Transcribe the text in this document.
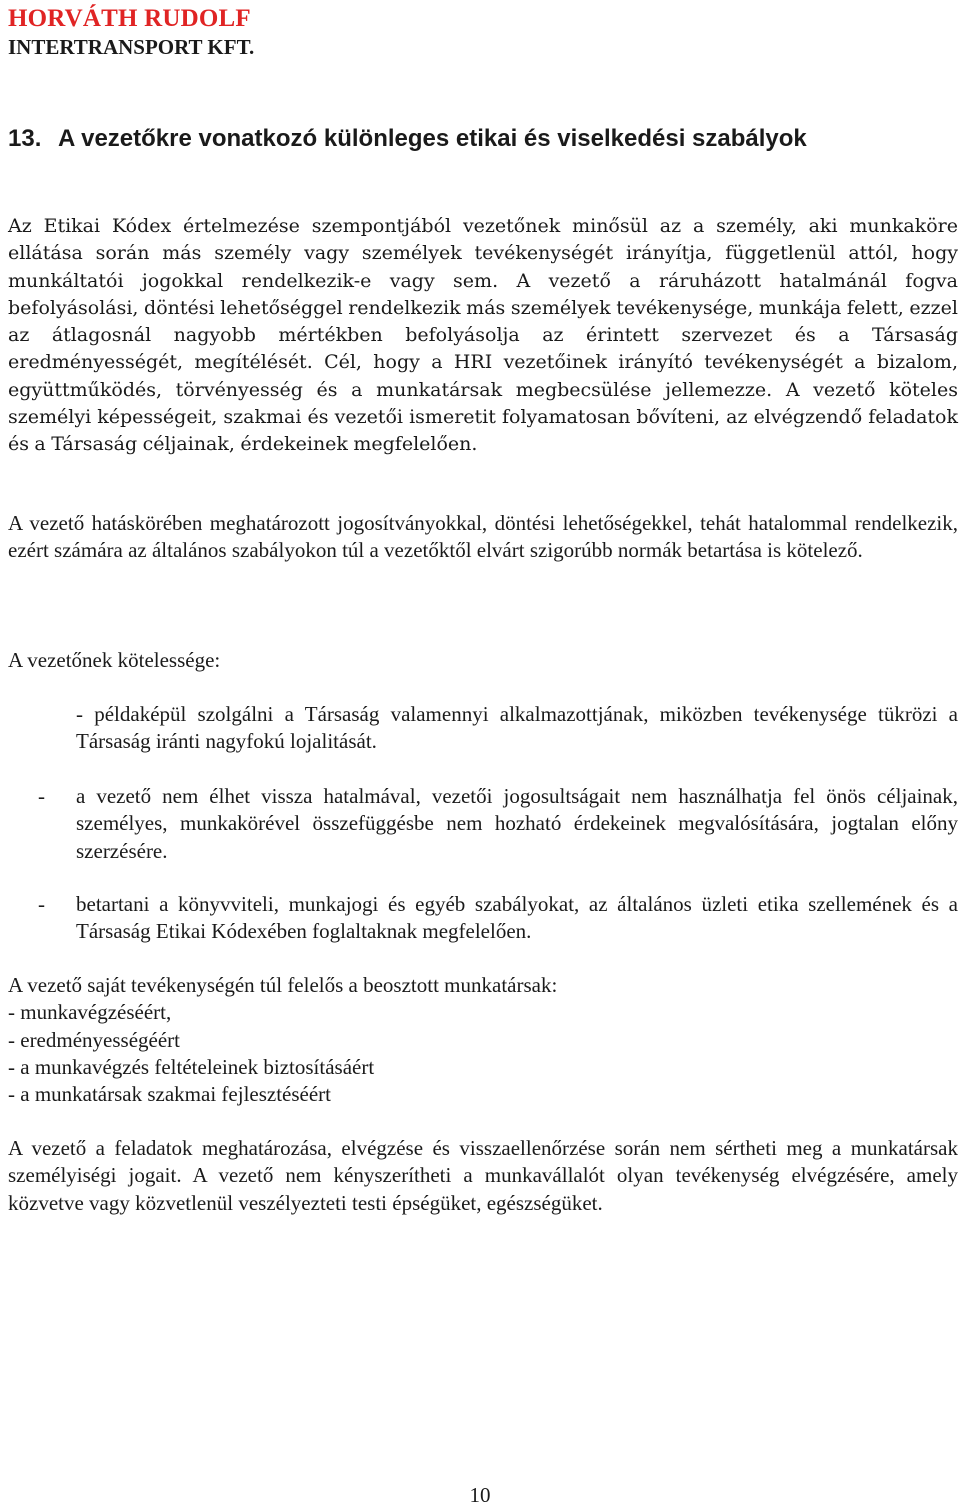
HORVÁTH RUDOLF
INTERTRANSPORT KFT.
13. A vezetőkre vonatkozó különleges etikai és viselkedési szabályok

Az Etikai Kódex értelmezése szempontjából vezetőnek minősül az a személy, aki munkaköre ellátása során más személy vagy személyek tevékenységét irányítja, függetlenül attól, hogy munkáltatói jogokkal rendelkezik-e vagy sem. A vezető a ráruházott hatalmánál fogva befolyásolási, döntési lehetőséggel rendelkezik más személyek tevékenysége, munkája felett, ezzel az átlagosnál nagyobb mértékben befolyásolja az érintett szervezet és a Társaság eredményességét, megítélését. Cél, hogy a HRI vezetőinek irányító tevékenységét a bizalom, együttműködés, törvényesség és a munkatársak megbecsülése jellemezze. A vezető köteles személyi képességeit, szakmai és vezetői ismeretit folyamatosan bővíteni, az elvégzendő feladatok és a Társaság céljainak, érdekeinek megfelelően.

A vezető hatáskörében meghatározott jogosítványokkal, döntési lehetőségekkel, tehát hatalommal rendelkezik, ezért számára az általános szabályokon túl a vezetőktől elvárt szigorúbb normák betartása is kötelező.

A vezetőnek kötelessége:

- példaképül szolgálni a Társaság valamennyi alkalmazottjának, miközben tevékenysége tükrözi a Társaság iránti nagyfokú lojalitását.
- a vezető nem élhet vissza hatalmával, vezetői jogosultságait nem használhatja fel önös céljainak, személyes, munkakörével összefüggésbe nem hozható érdekeinek megvalósítására, jogtalan előny szerzésére.
- betartani a könyvviteli, munkajogi és egyéb szabályokat, az általános üzleti etika szellemének és a Társaság Etikai Kódexében foglaltaknak megfelelően.
A vezető saját tevékenységén túl felelős a beosztott munkatársak:
- munkavégzéséért,
- eredményességéért
- a munkavégzés feltételeinek biztosításáért
- a munkatársak szakmai fejlesztéséért

A vezető a feladatok meghatározása, elvégzése és visszaellenőrzése során nem sértheti meg a munkatársak személyiségi jogait. A vezető nem kényszerítheti a munkavállalót olyan tevékenység elvégzésére, amely közvetve vagy közvetlenül veszélyezteti testi épségüket, egészségüket.

10
